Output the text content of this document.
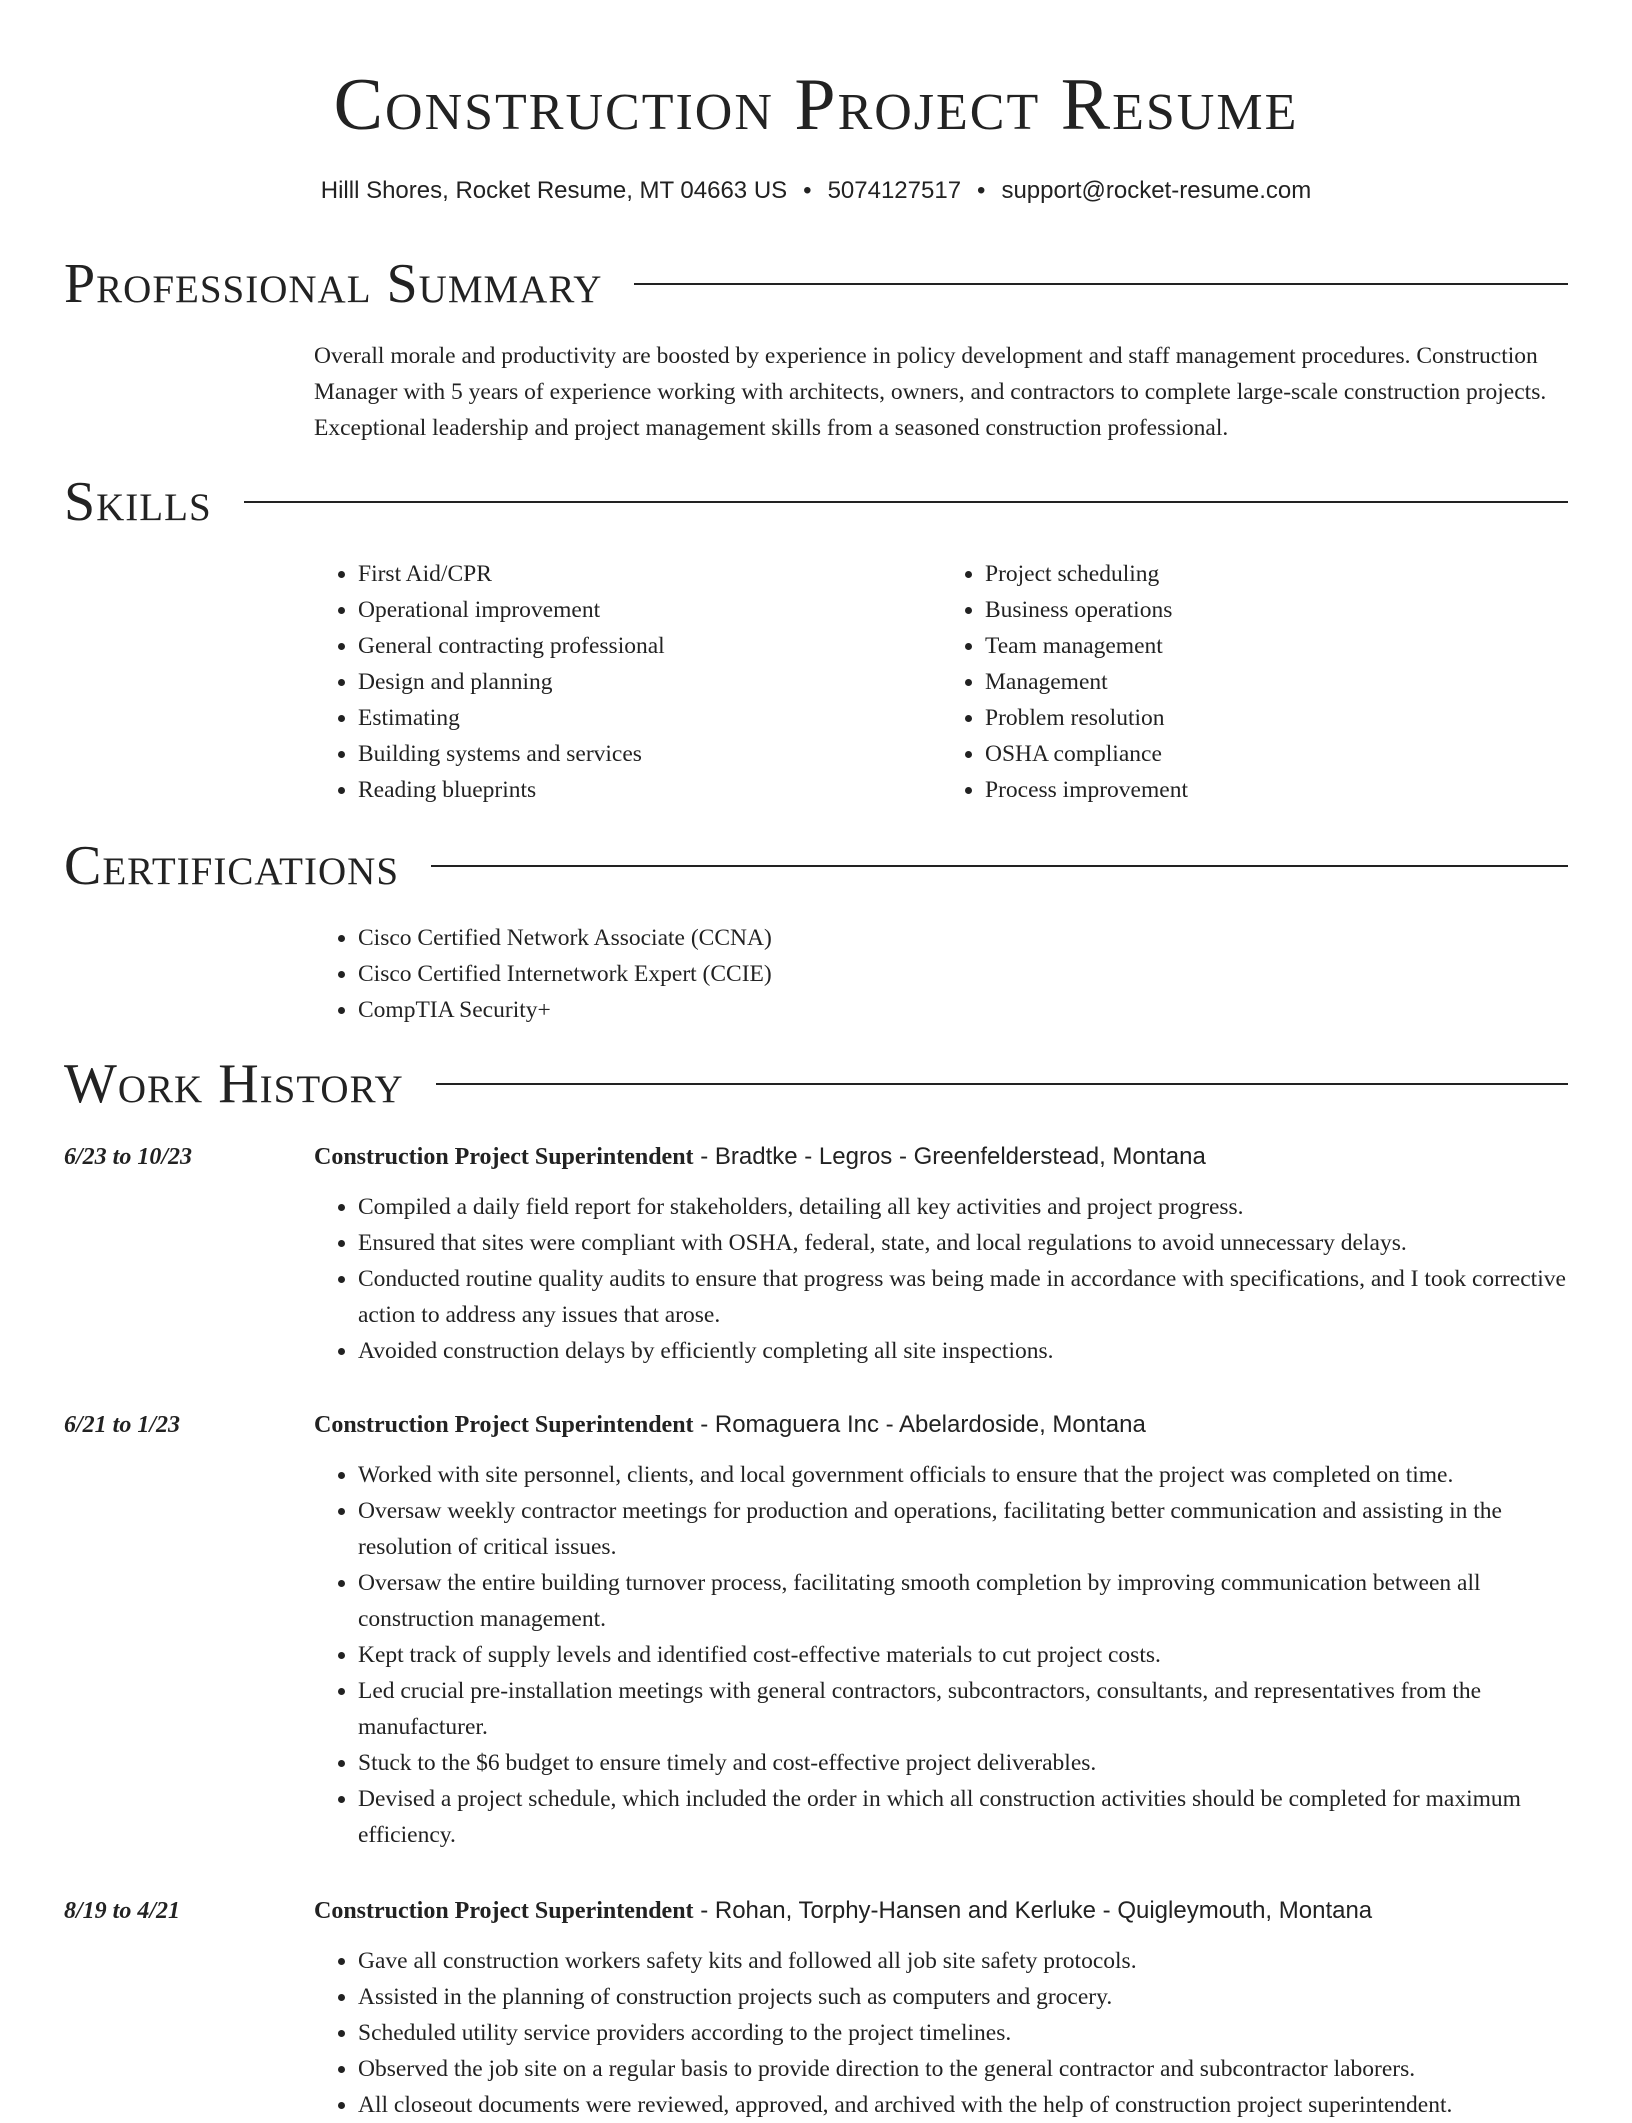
Construction Project Resume
Hilll Shores, Rocket Resume, MT 04663 US • 5074127517 • support@rocket-resume.com
Professional Summary
Overall morale and productivity are boosted by experience in policy development and staff management procedures. Construction Manager with 5 years of experience working with architects, owners, and contractors to complete large-scale construction projects. Exceptional leadership and project management skills from a seasoned construction professional.
Skills
• First Aid/CPR
• Operational improvement
• General contracting professional
• Design and planning
• Estimating
• Building systems and services
• Reading blueprints
• Project scheduling
• Business operations
• Team management
• Management
• Problem resolution
• OSHA compliance
• Process improvement
Certifications
• Cisco Certified Network Associate (CCNA)
• Cisco Certified Internetwork Expert (CCIE)
• CompTIA Security+
Work History
6/23 to 10/23	Construction Project Superintendent - Bradtke - Legros - Greenfelderstead, Montana
• Compiled a daily field report for stakeholders, detailing all key activities and project progress.
• Ensured that sites were compliant with OSHA, federal, state, and local regulations to avoid unnecessary delays.
• Conducted routine quality audits to ensure that progress was being made in accordance with specifications, and I took corrective action to address any issues that arose.
• Avoided construction delays by efficiently completing all site inspections.
6/21 to 1/23	Construction Project Superintendent - Romaguera Inc - Abelardoside, Montana
• Worked with site personnel, clients, and local government officials to ensure that the project was completed on time.
• Oversaw weekly contractor meetings for production and operations, facilitating better communication and assisting in the resolution of critical issues.
• Oversaw the entire building turnover process, facilitating smooth completion by improving communication between all construction management.
• Kept track of supply levels and identified cost-effective materials to cut project costs.
• Led crucial pre-installation meetings with general contractors, subcontractors, consultants, and representatives from the manufacturer.
• Stuck to the $6 budget to ensure timely and cost-effective project deliverables.
• Devised a project schedule, which included the order in which all construction activities should be completed for maximum efficiency.
8/19 to 4/21	Construction Project Superintendent - Rohan, Torphy-Hansen and Kerluke - Quigleymouth, Montana
• Gave all construction workers safety kits and followed all job site safety protocols.
• Assisted in the planning of construction projects such as computers and grocery.
• Scheduled utility service providers according to the project timelines.
• Observed the job site on a regular basis to provide direction to the general contractor and subcontractor laborers.
• All closeout documents were reviewed, approved, and archived with the help of construction project superintendent.
